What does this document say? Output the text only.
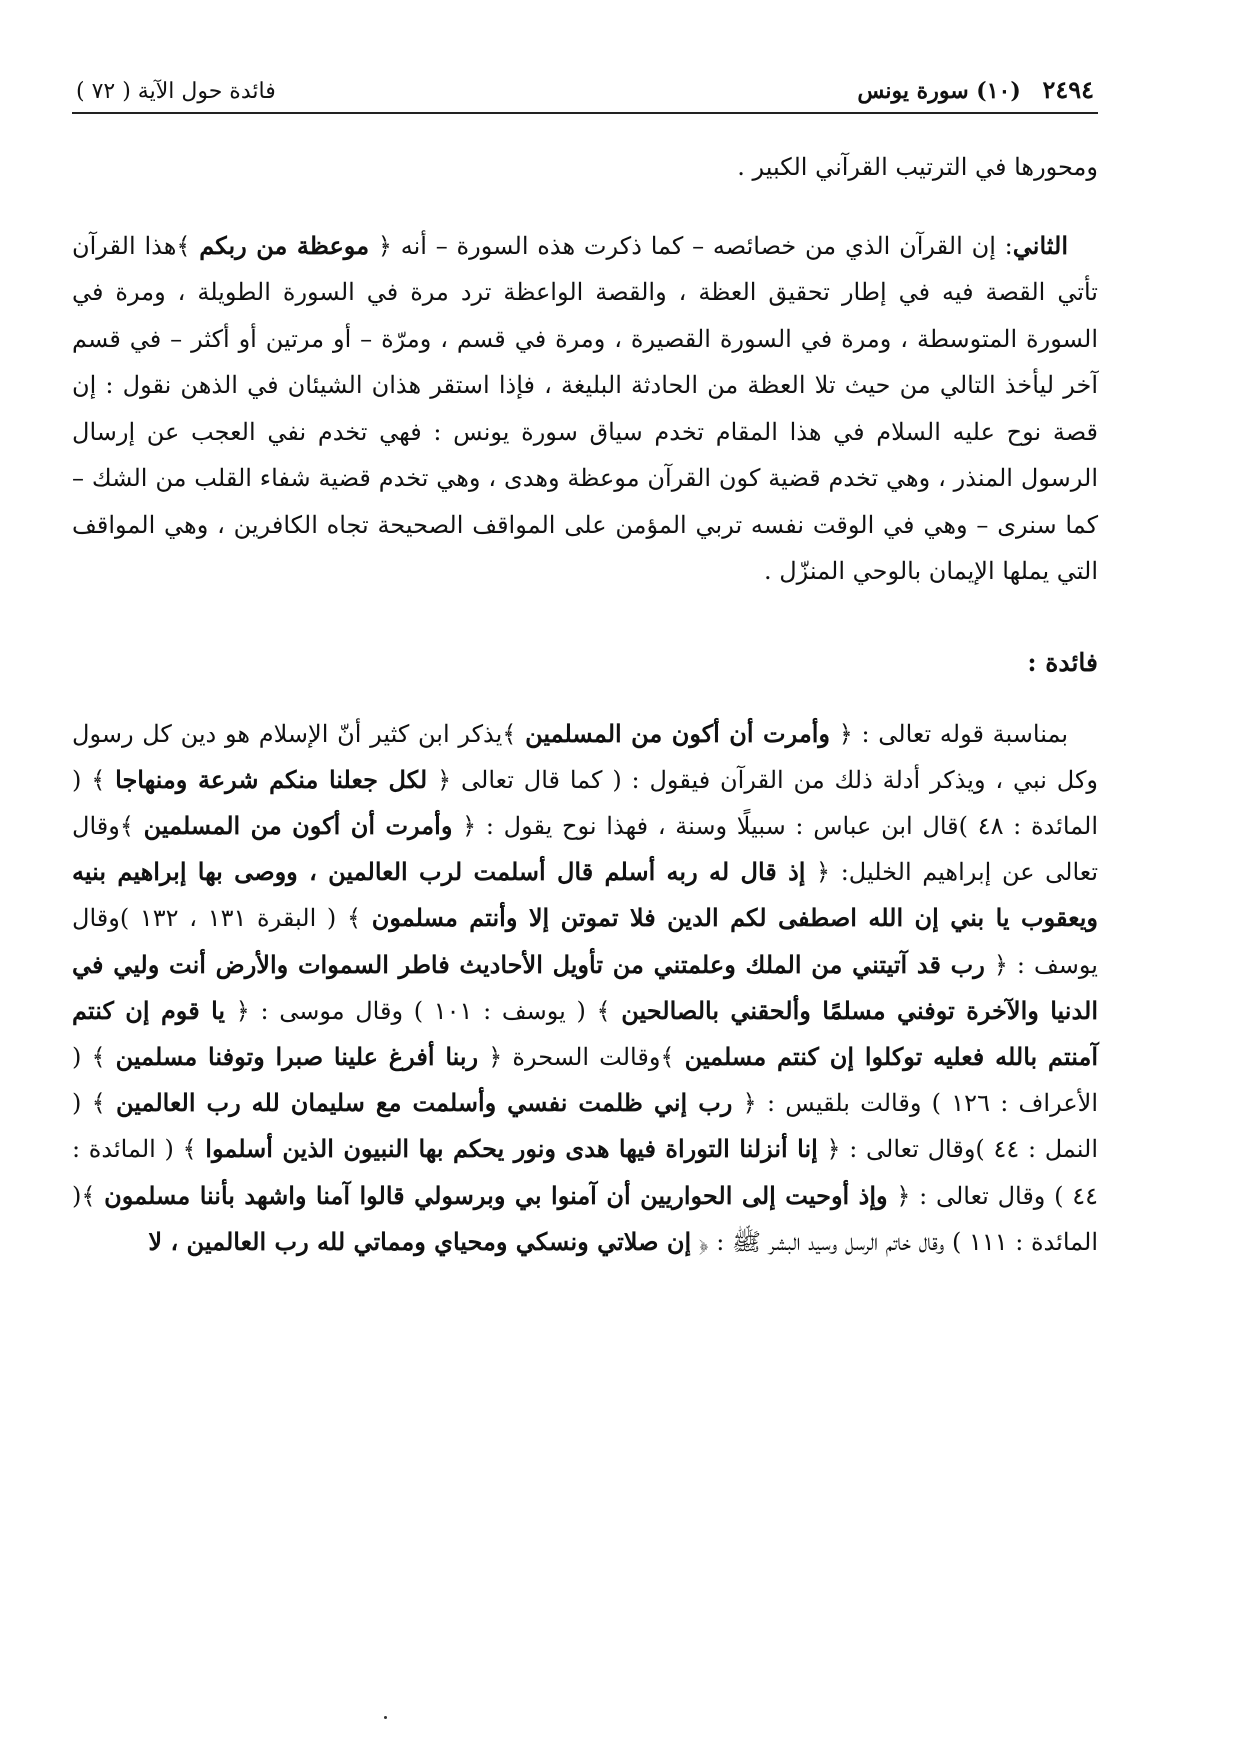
٢٤٩٤ (١٠) سورة يونس
فائدة حول الآية ( ٧٢ )

ومحورها في الترتيب القرآني الكبير .

الثاني: إن القرآن الذي من خصائصه – كما ذكرت هذه السورة – أنه ﴿ موعظة من ربكم ﴾هذا القرآن تأتي القصة فيه في إطار تحقيق العظة ، والقصة الواعظة ترد مرة في السورة الطويلة ، ومرة في السورة المتوسطة ، ومرة في السورة القصيرة ، ومرة في قسم ، ومرّة – أو مرتين أو أكثر – في قسم آخر ليأخذ التالي من حيث تلا العظة من الحادثة البليغة ، فإذا استقر هذان الشيئان في الذهن نقول : إن قصة نوح عليه السلام في هذا المقام تخدم سياق سورة يونس : فهي تخدم نفي العجب عن إرسال الرسول المنذر ، وهي تخدم قضية كون القرآن موعظة وهدى ، وهي تخدم قضية شفاء القلب من الشك – كما سنرى – وهي في الوقت نفسه تربي المؤمن على المواقف الصحيحة تجاه الكافرين ، وهي المواقف التي يملها الإيمان بالوحي المنزّل .

فائدة :

بمناسبة قوله تعالى : ﴿ وأمرت أن أكون من المسلمين ﴾يذكر ابن كثير أنّ الإسلام هو دين كل رسول وكل نبي ، ويذكر أدلة ذلك من القرآن فيقول : ( كما قال تعالى ﴿ لكل جعلنا منكم شرعة ومنهاجا ﴾ ( المائدة : ٤٨ )قال ابن عباس : سبيلًا وسنة ، فهذا نوح يقول : ﴿ وأمرت أن أكون من المسلمين ﴾وقال تعالى عن إبراهيم الخليل: ﴿ إذ قال له ربه أسلم قال أسلمت لرب العالمين ، ووصى بها إبراهيم بنيه ويعقوب يا بني إن الله اصطفى لكم الدين فلا تموتن إلا وأنتم مسلمون ﴾ ( البقرة ١٣١ ، ١٣٢ )وقال يوسف : ﴿ رب قد آتيتني من الملك وعلمتني من تأويل الأحاديث فاطر السموات والأرض أنت وليي في الدنيا والآخرة توفني مسلمًا وألحقني بالصالحين ﴾ ( يوسف : ١٠١ ) وقال موسى : ﴿ يا قوم إن كنتم آمنتم بالله فعليه توكلوا إن كنتم مسلمين ﴾وقالت السحرة ﴿ ربنا أفرغ علينا صبرا وتوفنا مسلمين ﴾ ( الأعراف : ١٢٦ ) وقالت بلقيس : ﴿ رب إني ظلمت نفسي وأسلمت مع سليمان لله رب العالمين ﴾ ( النمل : ٤٤ )وقال تعالى : ﴿ إنا أنزلنا التوراة فيها هدى ونور يحكم بها النبيون الذين أسلموا ﴾ ( المائدة : ٤٤ ) وقال تعالى : ﴿ وإذ أوحيت إلى الحواريين أن آمنوا بي وبرسولي قالوا آمنا واشهد بأننا مسلمون ﴾( المائدة : ١١١ ) وقال خاتم الرسل وسيد البشر ﷺ : ﴿ إن صلاتي ونسكي ومحياي ومماتي لله رب العالمين ، لا
